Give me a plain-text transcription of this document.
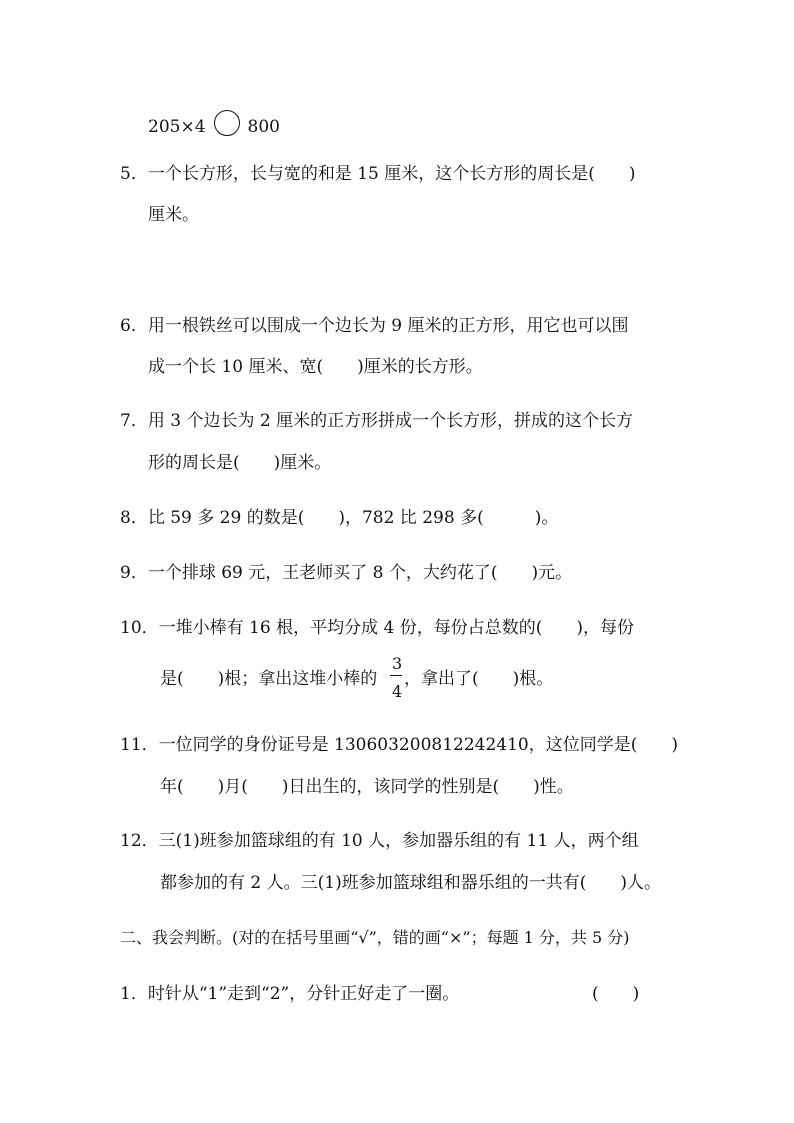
205×4 800
5．一个长方形，长与宽的和是 15 厘米，这个长方形的周长是(　　)
厘米。
6．用一根铁丝可以围成一个边长为 9 厘米的正方形，用它也可以围
成一个长 10 厘米、宽(　　)厘米的长方形。
7．用 3 个边长为 2 厘米的正方形拼成一个长方形，拼成的这个长方
形的周长是(　　)厘米。
8．比 59 多 29 的数是(　　)，782 比 298 多(　　　)。
9．一个排球 69 元，王老师买了 8 个，大约花了(　　)元。
10．一堆小棒有 16 根，平均分成 4 份，每份占总数的(　　)，每份
是(　　)根；拿出这堆小棒的
3
4
，拿出了(　　)根。
11．一位同学的身份证号是 130603200812242410，这位同学是(　　)
年(　　)月(　　)日出生的，该同学的性别是(　　)性。
12．三(1)班参加篮球组的有 10 人，参加器乐组的有 11 人，两个组
都参加的有 2 人。三(1)班参加篮球组和器乐组的一共有(　　)人。
二、我会判断。(对的在括号里画“√”，错的画“×”；每题 1 分，共 5 分)
1．时针从“1”走到“2”，分针正好走了一圈。	(　　)
